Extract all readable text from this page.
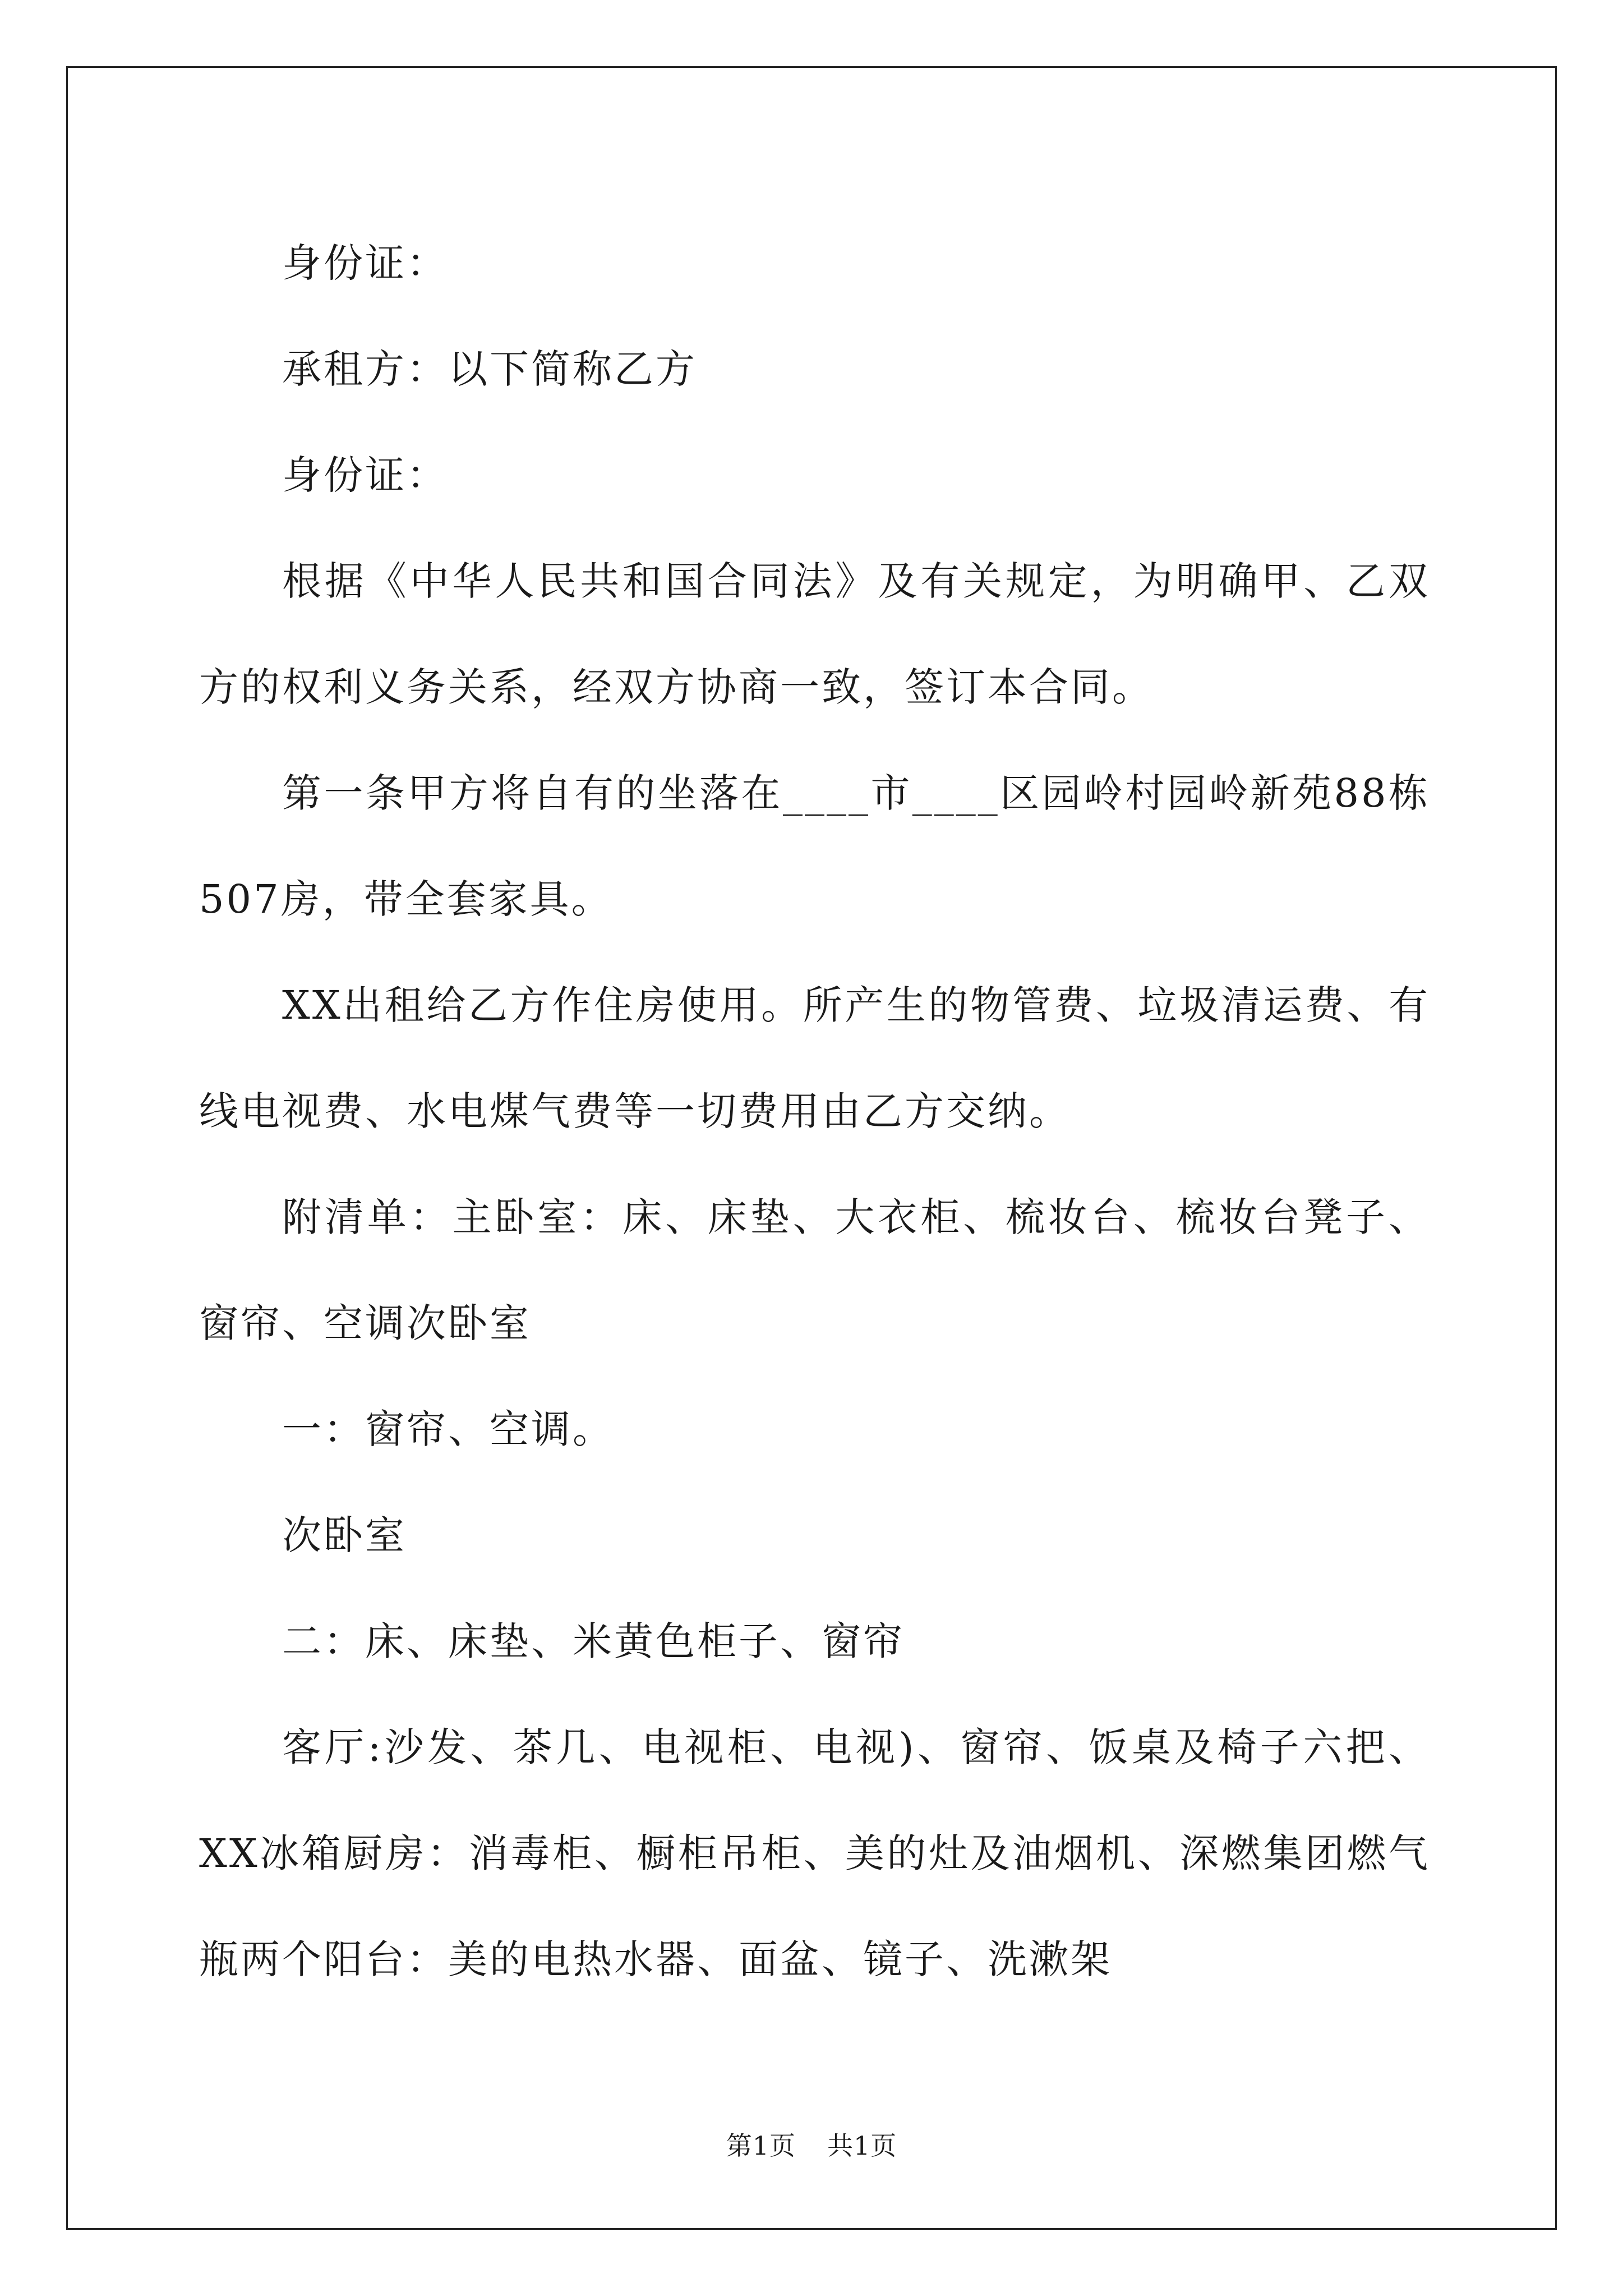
身份证：

承租方：以下简称乙方

身份证：

根据《中华人民共和国合同法》及有关规定，为明确甲、乙双方的权利义务关系，经双方协商一致，签订本合同。

第一条甲方将自有的坐落在____市____区园岭村园岭新苑88栋507房，带全套家具。

XX出租给乙方作住房使用。所产生的物管费、垃圾清运费、有线电视费、水电煤气费等一切费用由乙方交纳。

附清单：主卧室：床、床垫、大衣柜、梳妆台、梳妆台凳子、窗帘、空调次卧室

一：窗帘、空调。

次卧室

二：床、床垫、米黄色柜子、窗帘

客厅:沙发、茶几、电视柜、电视)、窗帘、饭桌及椅子六把、XX冰箱厨房：消毒柜、橱柜吊柜、美的灶及油烟机、深燃集团燃气瓶两个阳台：美的电热水器、面盆、镜子、洗漱架

第1页 共1页
